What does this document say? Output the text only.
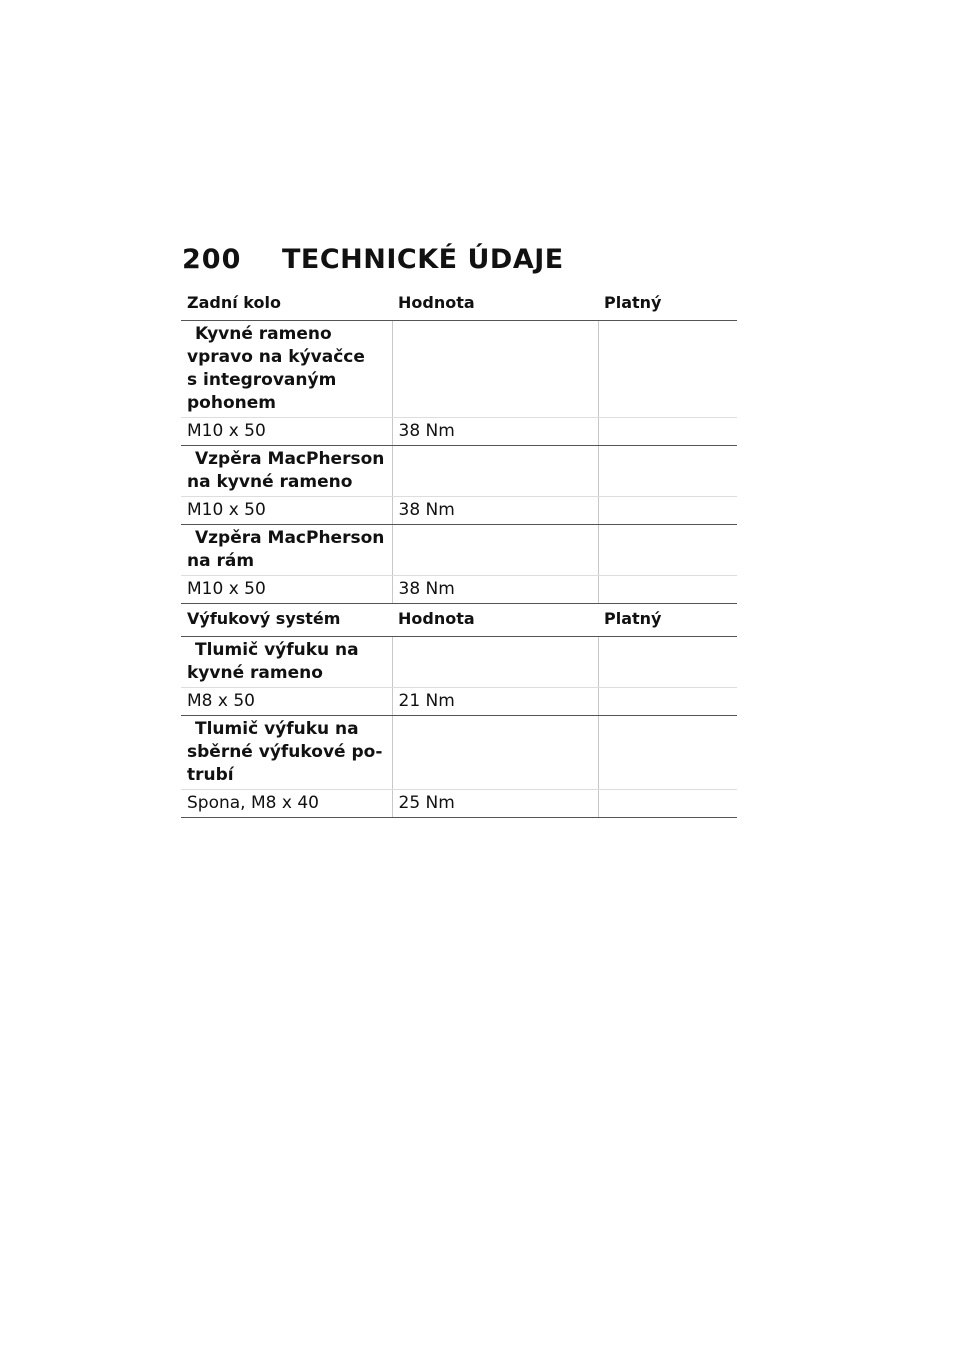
200	TECHNICKÉ ÚDAJE
Zadní kolo	Hodnota	Platný
Kyvné rameno
vpravo na kývačce
s integrovaným
pohonem		
M10 x 50	38 Nm	
Vzpěra MacPherson
na kyvné rameno		
M10 x 50	38 Nm	
Vzpěra MacPherson
na rám		
M10 x 50	38 Nm	
Výfukový systém	Hodnota	Platný
Tlumič výfuku na
kyvné rameno		
M8 x 50	21 Nm	
Tlumič výfuku na
sběrné výfukové po-
trubí		
Spona, M8 x 40	25 Nm	
